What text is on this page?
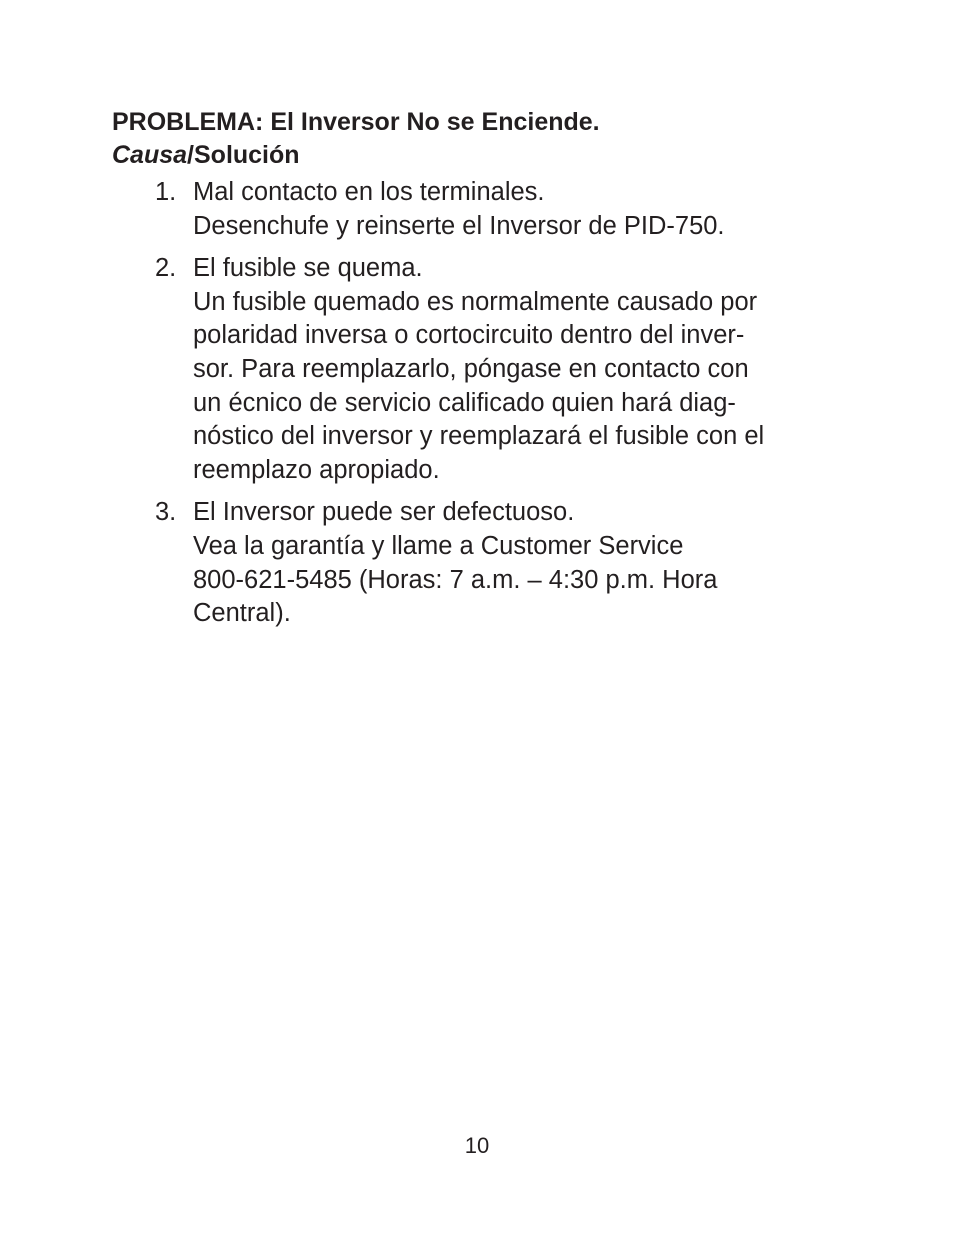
PROBLEMA: El Inversor No se Enciende.

Causa/Solución

1. Mal contacto en los terminales.
Desenchufe y reinserte el Inversor de PID-750.
2. El fusible se quema.
Un fusible quemado es normalmente causado por
polaridad inversa o cortocircuito dentro del inver-
sor. Para reemplazarlo, póngase en contacto con
un écnico de servicio calificado quien hará diag-
nóstico del inversor y reemplazará el fusible con el
reemplazo apropiado.
3. El Inversor puede ser defectuoso.
Vea la garantía y llame a Customer Service
800-621-5485 (Horas: 7 a.m. – 4:30 p.m. Hora
Central).
10
